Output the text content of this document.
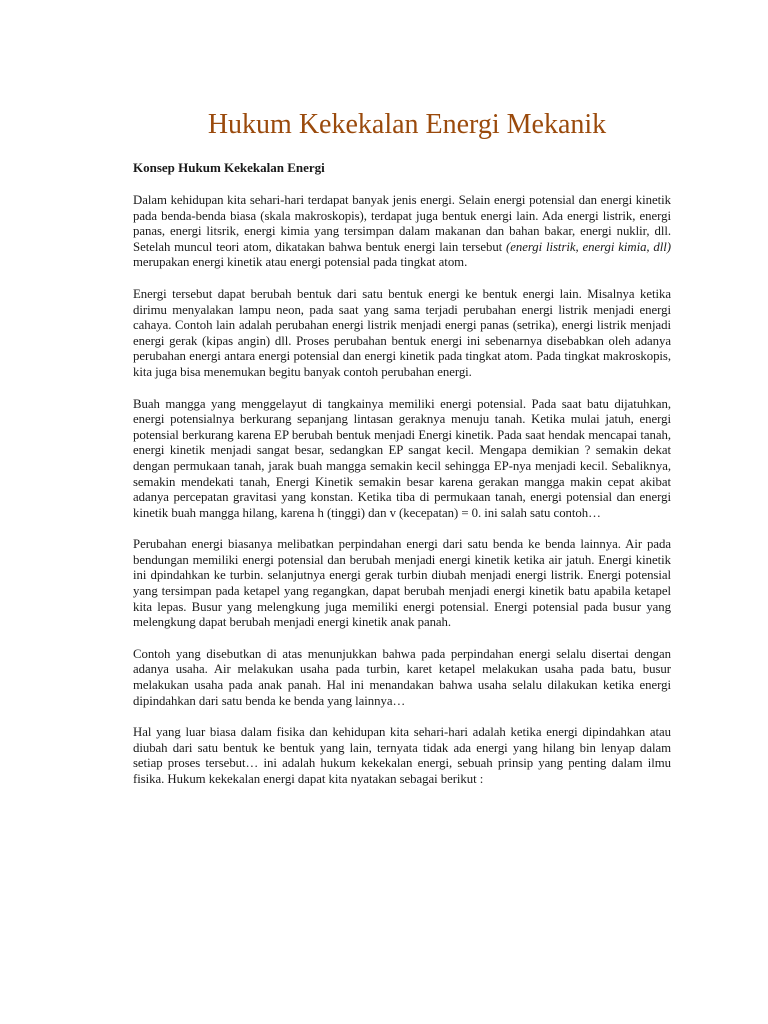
Hukum Kekekalan Energi Mekanik
Konsep Hukum Kekekalan Energi

Dalam kehidupan kita sehari-hari terdapat banyak jenis energi. Selain energi potensial dan energi kinetik pada benda-benda biasa (skala makroskopis), terdapat juga bentuk energi lain. Ada energi listrik, energi panas, energi litsrik, energi kimia yang tersimpan dalam makanan dan bahan bakar, energi nuklir, dll. Setelah muncul teori atom, dikatakan bahwa bentuk energi lain tersebut (energi listrik, energi kimia, dll) merupakan energi kinetik atau energi potensial pada tingkat atom.

Energi tersebut dapat berubah bentuk dari satu bentuk energi ke bentuk energi lain. Misalnya ketika dirimu menyalakan lampu neon, pada saat yang sama terjadi perubahan energi listrik menjadi energi cahaya. Contoh lain adalah perubahan energi listrik menjadi energi panas (setrika), energi listrik menjadi energi gerak (kipas angin) dll. Proses perubahan bentuk energi ini sebenarnya disebabkan oleh adanya perubahan energi antara energi potensial dan energi kinetik pada tingkat atom. Pada tingkat makroskopis, kita juga bisa menemukan begitu banyak contoh perubahan energi.

Buah mangga yang menggelayut di tangkainya memiliki energi potensial. Pada saat batu dijatuhkan, energi potensialnya berkurang sepanjang lintasan geraknya menuju tanah. Ketika mulai jatuh, energi potensial berkurang karena EP berubah bentuk menjadi Energi kinetik. Pada saat hendak mencapai tanah, energi kinetik menjadi sangat besar, sedangkan EP sangat kecil. Mengapa demikian ? semakin dekat dengan permukaan tanah, jarak buah mangga semakin kecil sehingga EP-nya menjadi kecil. Sebaliknya, semakin mendekati tanah, Energi Kinetik semakin besar karena gerakan mangga makin cepat akibat adanya percepatan gravitasi yang konstan. Ketika tiba di permukaan tanah, energi potensial dan energi kinetik buah mangga hilang, karena h (tinggi) dan v (kecepatan) = 0. ini salah satu contoh…

Perubahan energi biasanya melibatkan perpindahan energi dari satu benda ke benda lainnya. Air pada bendungan memiliki energi potensial dan berubah menjadi energi kinetik ketika air jatuh. Energi kinetik ini dpindahkan ke turbin. selanjutnya energi gerak turbin diubah menjadi energi listrik. Energi potensial yang tersimpan pada ketapel yang regangkan, dapat berubah menjadi energi kinetik batu apabila ketapel kita lepas. Busur yang melengkung juga memiliki energi potensial. Energi potensial pada busur yang melengkung dapat berubah menjadi energi kinetik anak panah.

Contoh yang disebutkan di atas menunjukkan bahwa pada perpindahan energi selalu disertai dengan adanya usaha. Air melakukan usaha pada turbin, karet ketapel melakukan usaha pada batu, busur melakukan usaha pada anak panah. Hal ini menandakan bahwa usaha selalu dilakukan ketika energi dipindahkan dari satu benda ke benda yang lainnya…

Hal yang luar biasa dalam fisika dan kehidupan kita sehari-hari adalah ketika energi dipindahkan atau diubah dari satu bentuk ke bentuk yang lain, ternyata tidak ada energi yang hilang bin lenyap dalam setiap proses tersebut… ini adalah hukum kekekalan energi, sebuah prinsip yang penting dalam ilmu fisika. Hukum kekekalan energi dapat kita nyatakan sebagai berikut :
